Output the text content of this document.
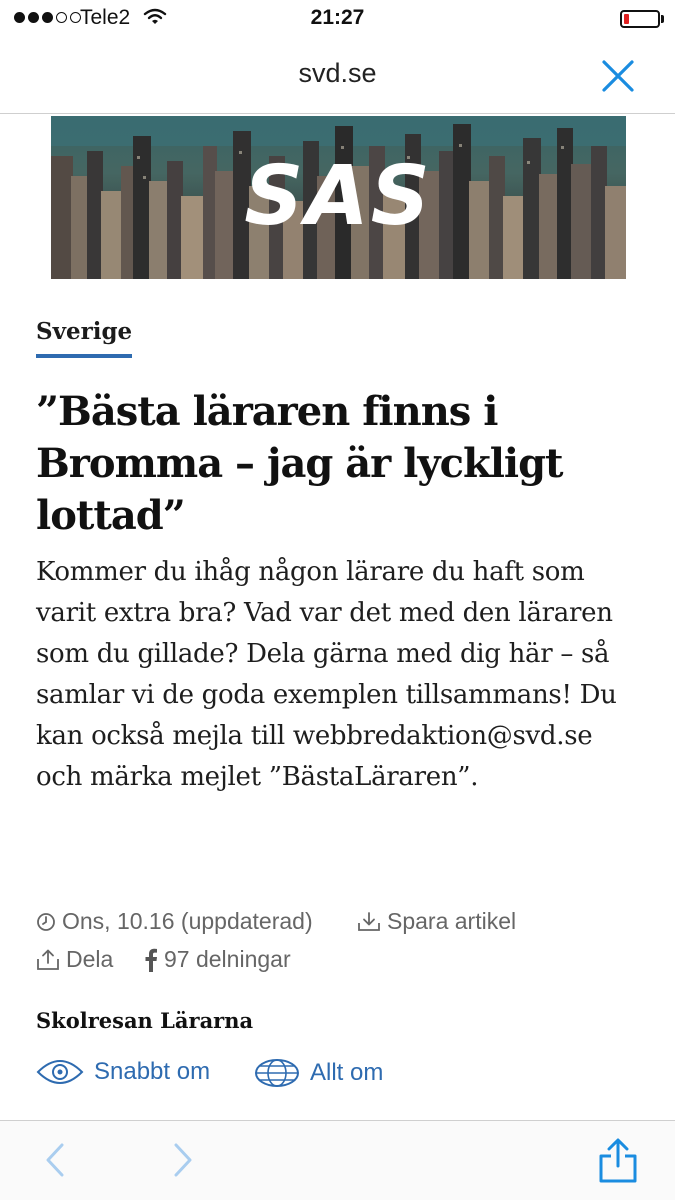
Tele2	21:27
svd.se
SAS
Sverige
”Bästa läraren finns i Bromma – jag är lyckligt lottad”

Kommer du ihåg någon lärare du haft som varit extra bra? Vad var det med den läraren som du gillade? Dela gärna med dig här – så samlar vi de goda exemplen tillsammans! Du kan också mejla till webbredaktion@svd.se och märka mejlet ”BästaLäraren”.

Ons, 10.16 (uppdaterad)	Spara artikel
Dela 97 delningar
Skolresan Lärarna
Snabbt om	Allt om
